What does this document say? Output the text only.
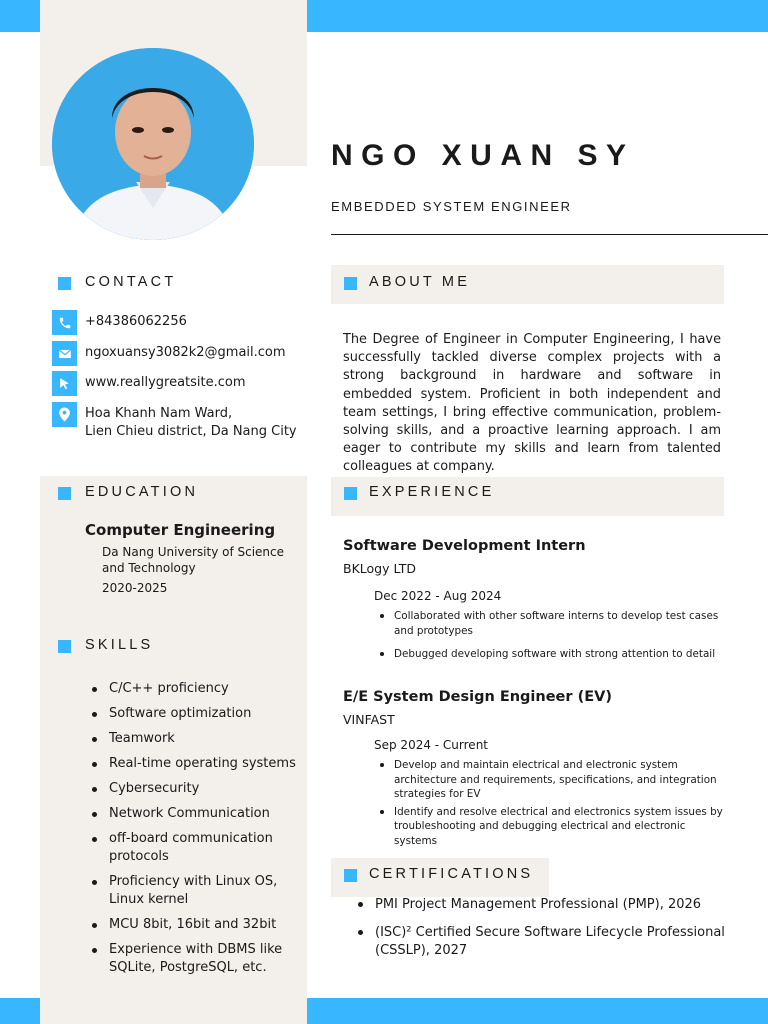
NGO XUAN SY
EMBEDDED SYSTEM ENGINEER
CONTACT
+84386062256
ngoxuansy3082k2@gmail.com
www.reallygreatsite.com
Hoa Khanh Nam Ward,
Lien Chieu district, Da Nang City
EDUCATION
Computer Engineering
Da Nang University of Science and Technology
2020-2025
SKILLS
C/C++ proficiency
Software optimization
Teamwork
Real-time operating systems
Cybersecurity
Network Communication
off-board communication protocols
Proficiency with Linux OS, Linux kernel
MCU 8bit, 16bit and 32bit
Experience with DBMS like SQLite, PostgreSQL, etc.
ABOUT ME
The Degree of Engineer in Computer Engineering, I have successfully tackled diverse complex projects with a strong background in hardware and software in embedded system. Proficient in both independent and team settings, I bring effective communication, problem-solving skills, and a proactive learning approach. I am eager to contribute my skills and learn from talented colleagues at company.
EXPERIENCE
Software Development Intern
BKLogy LTD
Dec 2022 - Aug 2024
Collaborated with other software interns to develop test cases and prototypes
Debugged developing software with strong attention to detail
E/E System Design Engineer (EV)
VINFAST
Sep 2024 - Current
Develop and maintain electrical and electronic system architecture and requirements, specifications, and integration strategies for EV
Identify and resolve electrical and electronics system issues by troubleshooting and debugging electrical and electronic systems
CERTIFICATIONS
PMI Project Management Professional (PMP), 2026
(ISC)² Certified Secure Software Lifecycle Professional (CSSLP), 2027
